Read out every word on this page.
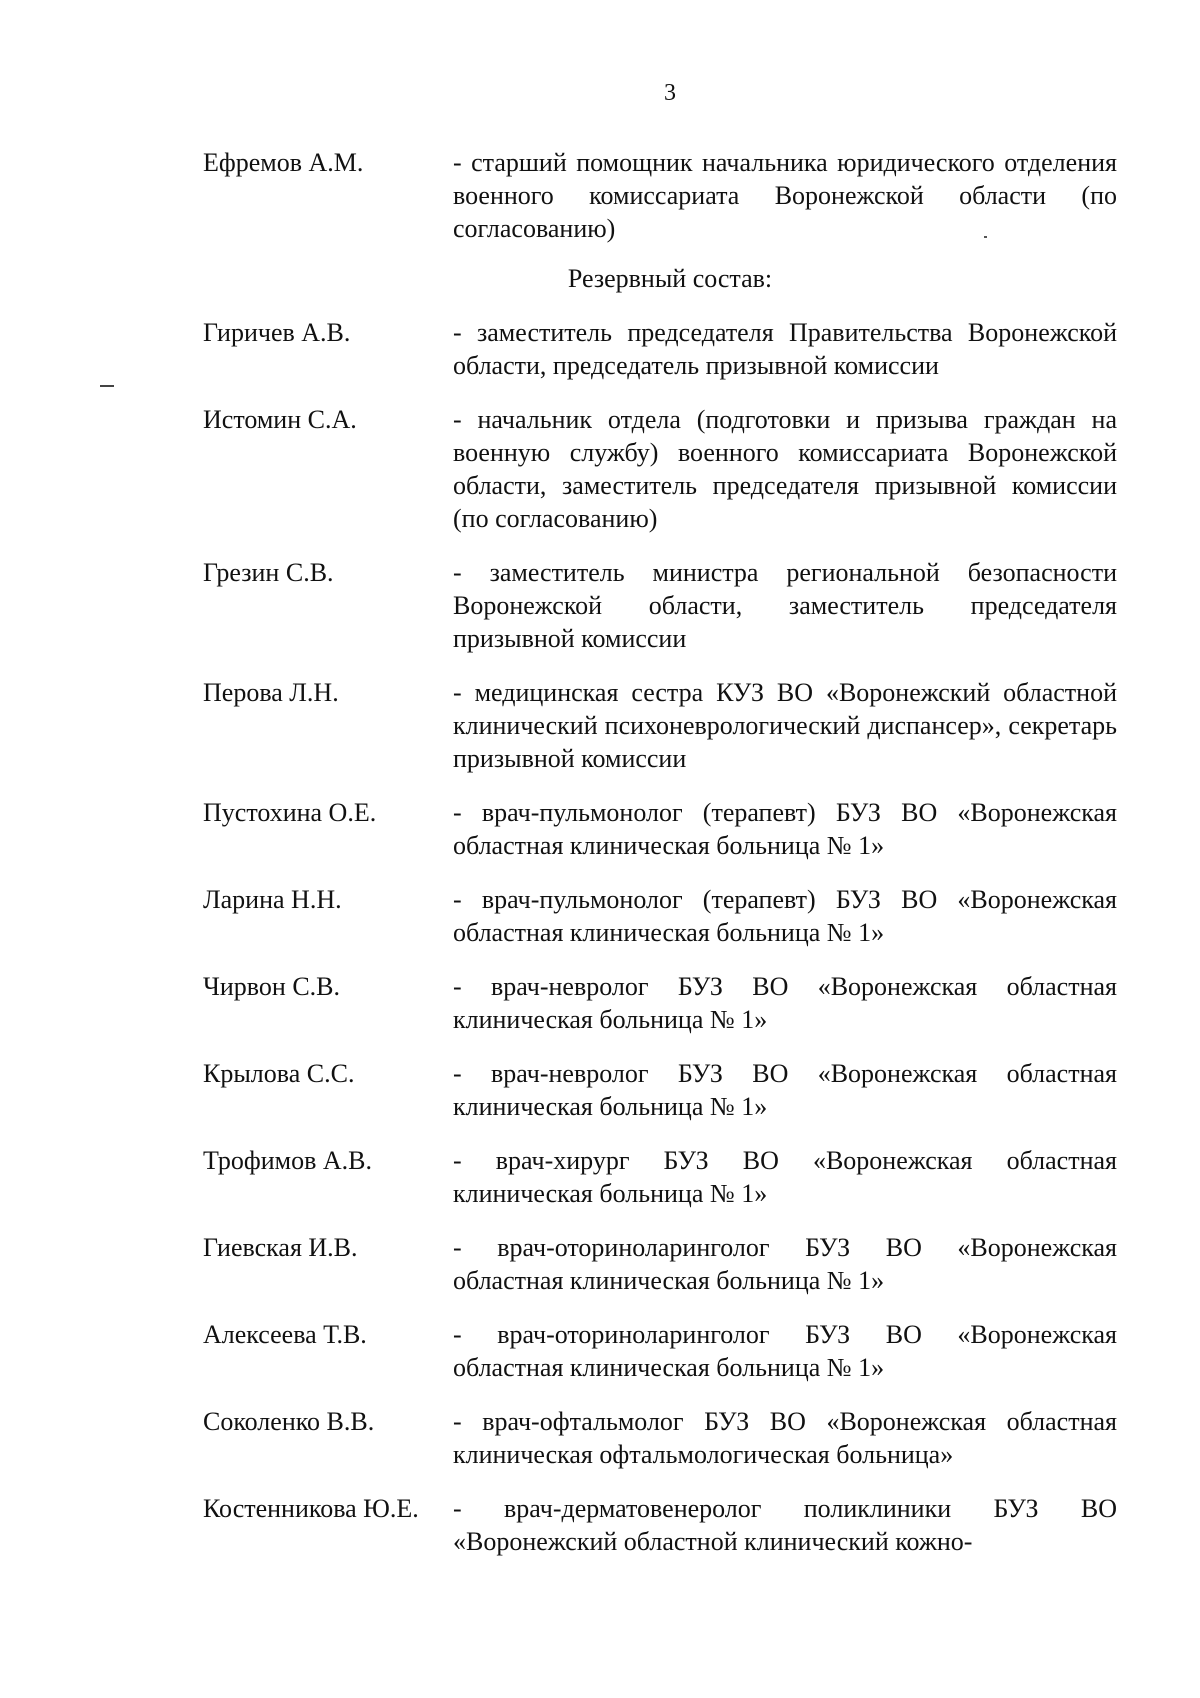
3
Ефремов А.М.	- старший помощник начальника юридического отделения военного комиссариата Воронежской области (по согласованию)
Резервный состав:
Гиричев А.В.	- заместитель председателя Правительства Воронежской области, председатель призывной комиссии
Истомин С.А.	- начальник отдела (подготовки и призыва граждан на военную службу) военного комиссариата Воронежской области, заместитель председателя призывной комиссии (по согласованию)
Грезин С.В.	- заместитель министра региональной безопасности Воронежской области, заместитель председателя призывной комиссии
Перова Л.Н.	- медицинская сестра КУЗ ВО «Воронежский областной клинический психоневрологический диспансер», секретарь призывной комиссии
Пустохина О.Е.	- врач-пульмонолог (терапевт) БУЗ ВО «Воронежская областная клиническая больница № 1»
Ларина Н.Н.	- врач-пульмонолог (терапевт) БУЗ ВО «Воронежская областная клиническая больница № 1»
Чирвон С.В.	- врач-невролог БУЗ ВО «Воронежская областная клиническая больница № 1»
Крылова С.С.	- врач-невролог БУЗ ВО «Воронежская областная клиническая больница № 1»
Трофимов А.В.	- врач-хирург БУЗ ВО «Воронежская областная клиническая больница № 1»
Гиевская И.В.	- врач-оториноларинголог БУЗ ВО «Воронежская областная клиническая больница № 1»
Алексеева Т.В.	- врач-оториноларинголог БУЗ ВО «Воронежская областная клиническая больница № 1»
Соколенко В.В.	- врач-офтальмолог БУЗ ВО «Воронежская областная клиническая офтальмологическая больница»
Костенникова Ю.Е.	- врач-дерматовенеролог поликлиники БУЗ ВО «Воронежский областной клинический кожно-
